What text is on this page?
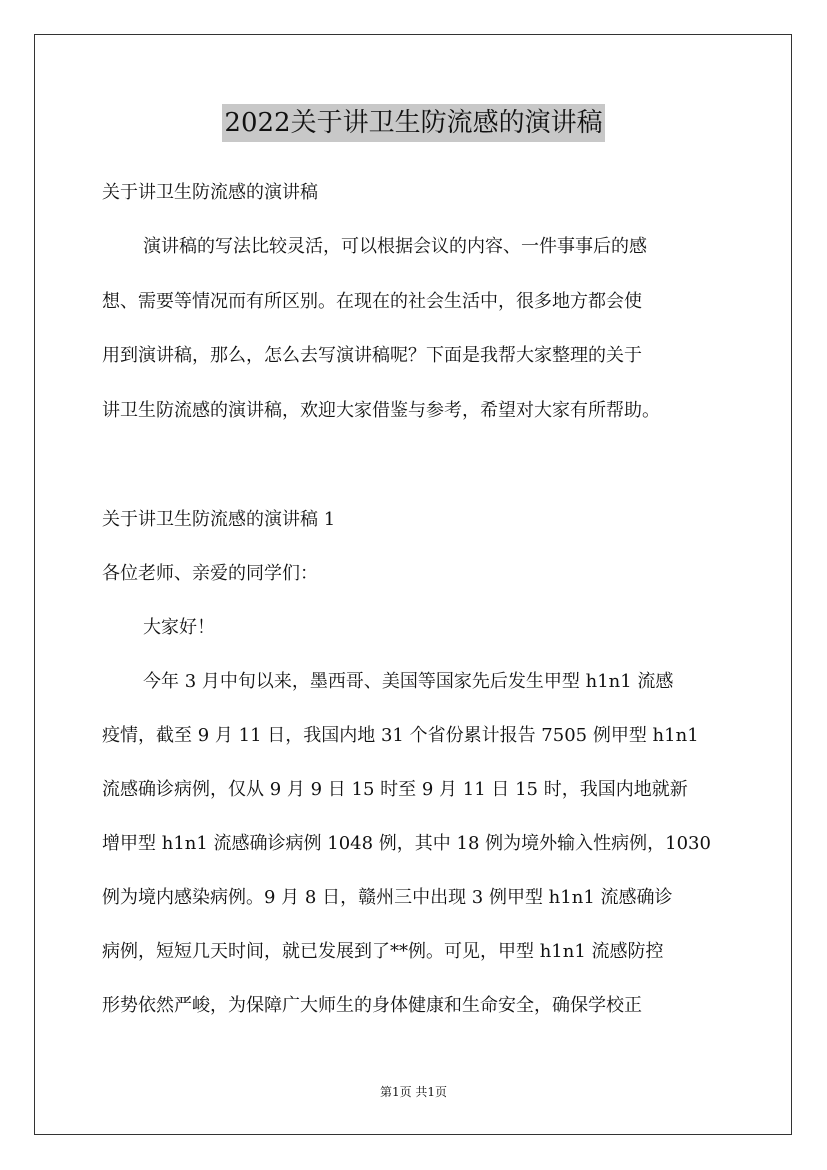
2022关于讲卫生防流感的演讲稿
关于讲卫生防流感的演讲稿
演讲稿的写法比较灵活，可以根据会议的内容、一件事事后的感
想、需要等情况而有所区别。在现在的社会生活中，很多地方都会使
用到演讲稿，那么，怎么去写演讲稿呢？下面是我帮大家整理的关于
讲卫生防流感的演讲稿，欢迎大家借鉴与参考，希望对大家有所帮助。
关于讲卫生防流感的演讲稿 1
各位老师、亲爱的同学们：
大家好！
今年 3 月中旬以来，墨西哥、美国等国家先后发生甲型 h1n1 流感
疫情，截至 9 月 11 日，我国内地 31 个省份累计报告 7505 例甲型 h1n1
流感确诊病例，仅从 9 月 9 日 15 时至 9 月 11 日 15 时，我国内地就新
增甲型 h1n1 流感确诊病例 1048 例，其中 18 例为境外输入性病例，1030
例为境内感染病例。9 月 8 日，赣州三中出现 3 例甲型 h1n1 流感确诊
病例，短短几天时间，就已发展到了**例。可见，甲型 h1n1 流感防控
形势依然严峻，为保障广大师生的身体健康和生命安全，确保学校正
第1页 共1页
